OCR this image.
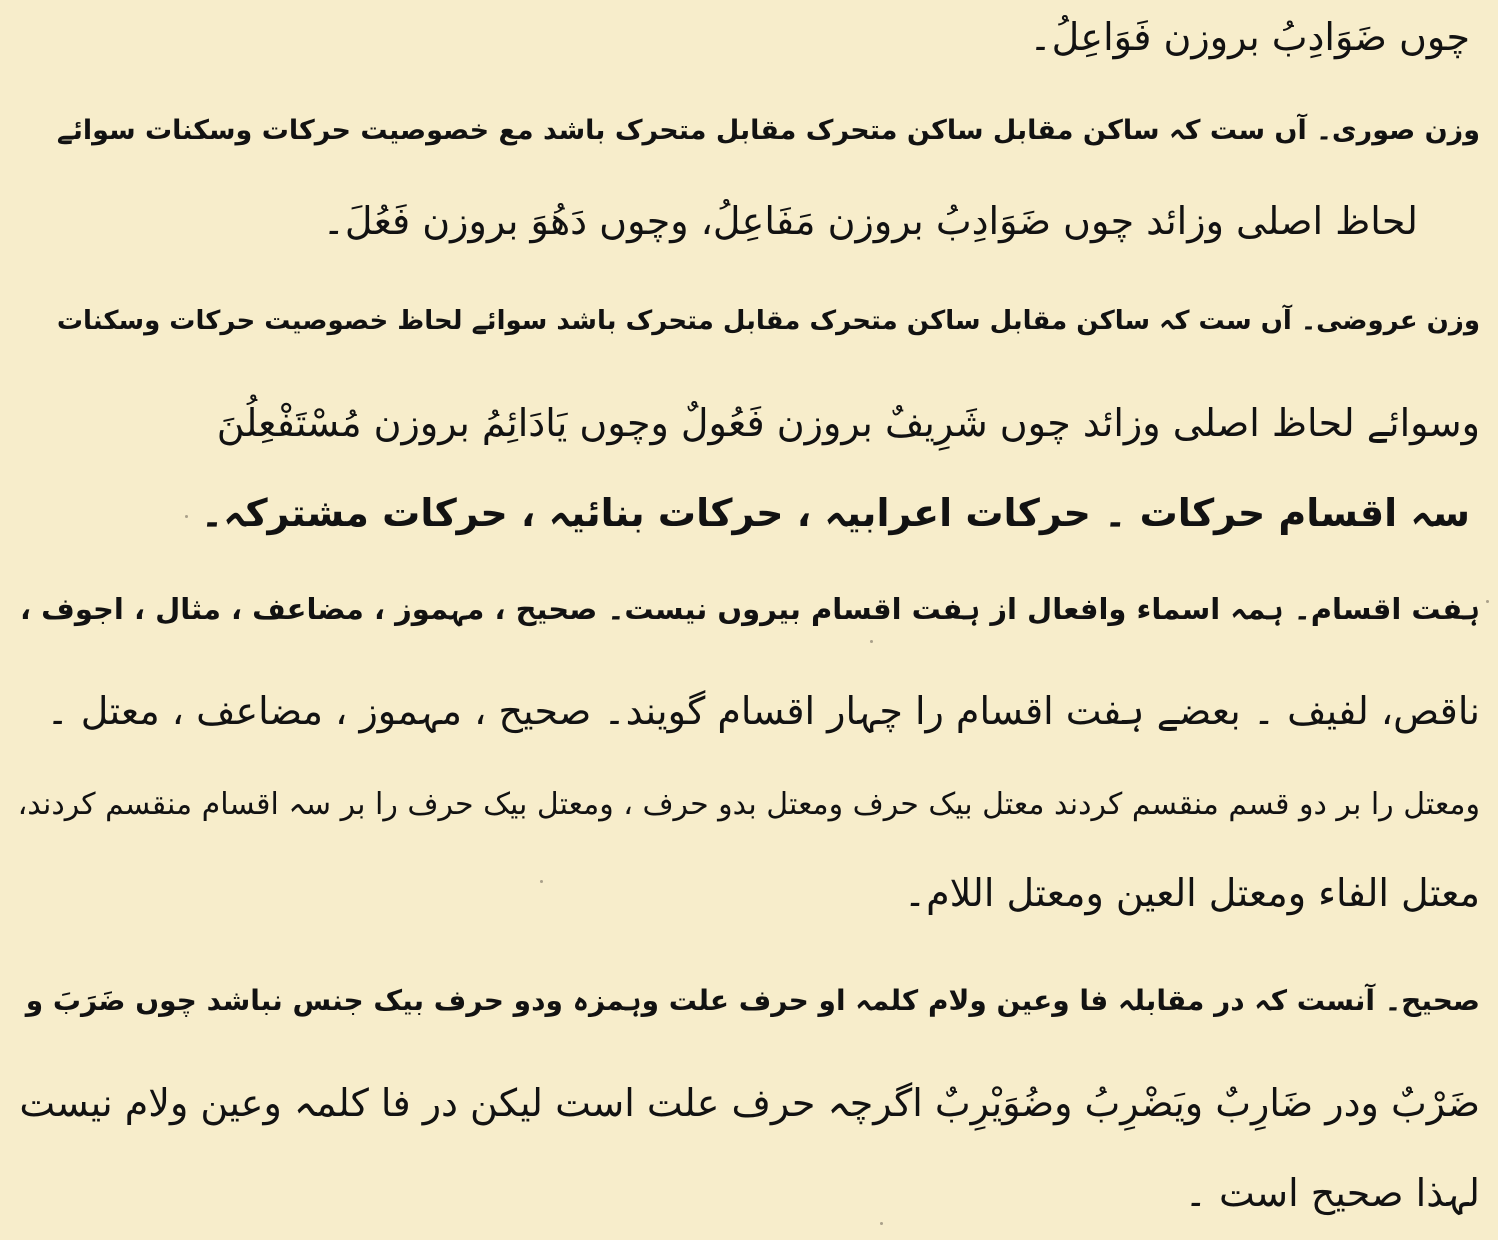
چوں ضَوَادِبُ بروزن فَوَاعِلُ۔
وزن صوری۔ آں ست کہ ساکن مقابل ساکن متحرک مقابل متحرک باشد مع خصوصیت حرکات وسکنات سوائے
لحاظ اصلی وزائد چوں ضَوَادِبُ بروزن مَفَاعِلُ، وچوں دَهُوَ بروزن فَعُلَ۔
وزن عروضی۔ آں ست کہ ساکن مقابل ساکن متحرک مقابل متحرک باشد سوائے لحاظ خصوصیت حرکات وسکنات
وسوائے لحاظ اصلی وزائد چوں شَرِيفٌ بروزن فَعُولٌ وچوں يَادَائِمُ بروزن مُسْتَفْعِلُنَ
سہ اقسام حرکات ۔ حرکات اعرابیہ ، حرکات بنائیہ ، حرکات مشترکہ۔
ہفت اقسام۔ ہمہ اسماء وافعال از ہفت اقسام بیروں نیست۔ صحیح ، مہموز ، مضاعف ، مثال ، اجوف ،
ناقص، لفیف ۔ بعضے ہفت اقسام را چہار اقسام گویند۔ صحیح ، مہموز ، مضاعف ، معتل ۔
ومعتل را بر دو قسم منقسم کردند معتل بیک حرف ومعتل بدو حرف ، ومعتل بیک حرف را بر سہ اقسام منقسم کردند،
معتل الفاء ومعتل العین ومعتل اللام۔
صحیح۔ آنست کہ در مقابلہ فا وعین ولام کلمہ او حرف علت وہمزہ ودو حرف بیک جنس نباشد چوں ضَرَبَ و
ضَرْبٌ ودر ضَارِبٌ ويَضْرِبُ وضُوَيْرِبٌ اگرچہ حرف علت است لیکن در فا کلمہ وعین ولام نیست
لہذا صحیح است ۔
